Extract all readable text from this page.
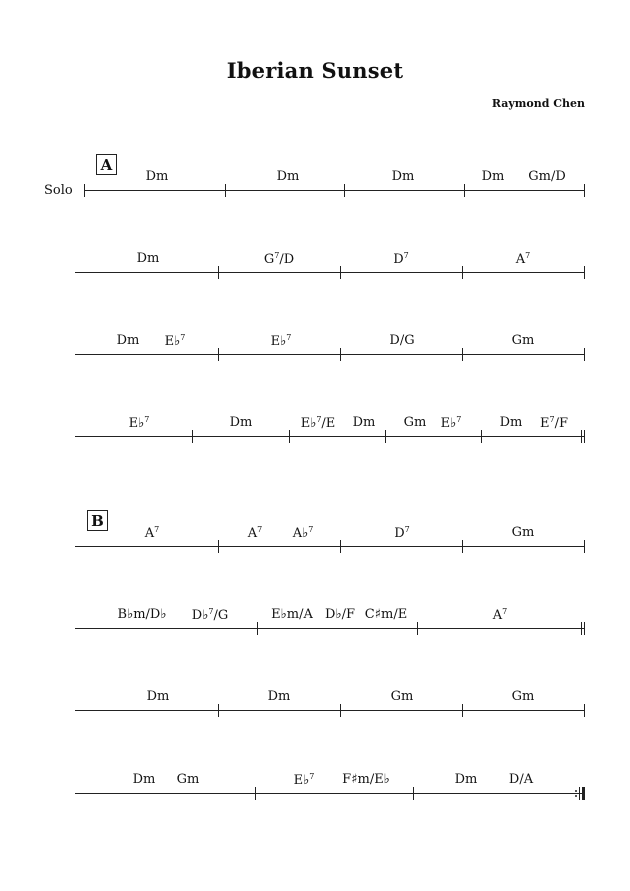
Iberian Sunset
Raymond Chen
Solo
A
B
Dm	Dm	Dm	Dm Gm/D
Dm	$G^7/D$	$D^7$	$A^7$
Dm E♭$^7$	E♭$^7$	D/G	Gm
E♭$^7$	Dm	E♭$^7$/E Dm Gm E♭$^7$	Dm $E^7/F$
$A^7$	$A^7$ A♭$^7$	$D^7$	Gm
B♭m/D♭ D♭$^7$/G	E♭m/A D♭/F C♯m/E	$A^7$
Dm	Dm	Gm	Gm
Dm Gm	E♭$^7$ F♯m/E♭	Dm D/A
